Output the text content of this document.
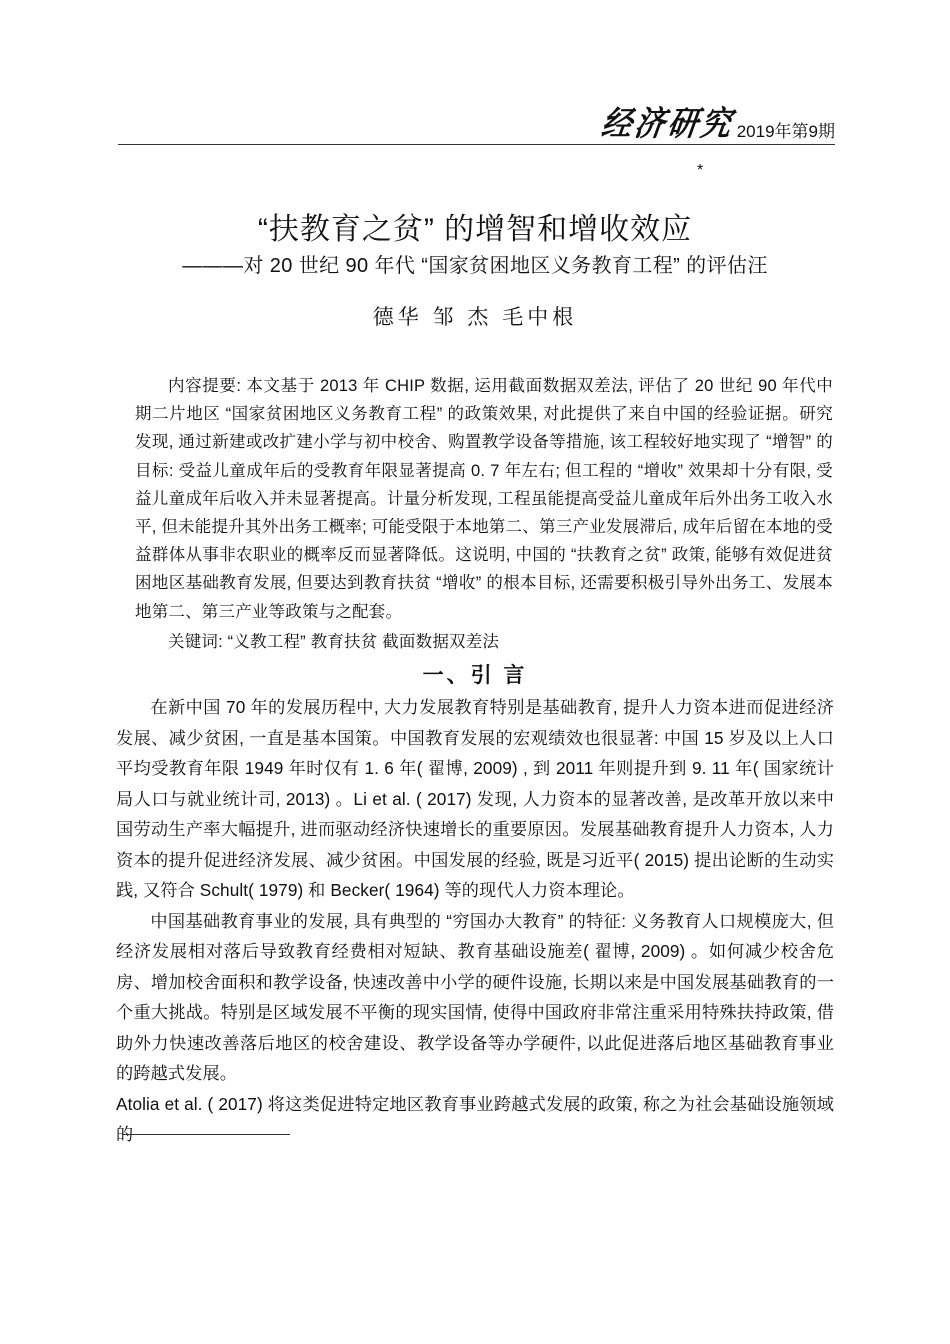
经济研究 2019年第9期
*
“扶教育之贫” 的增智和增收效应
———对 20 世纪 90 年代 “国家贫困地区义务教育工程” 的评估汪
德华 邹 杰 毛中根

内容提要: 本文基于 2013 年 CHIP 数据, 运用截面数据双差法, 评估了 20 世纪 90 年代中期二片地区 “国家贫困地区义务教育工程” 的政策效果, 对此提供了来自中国的经验证据。研究发现, 通过新建或改扩建小学与初中校舍、购置教学设备等措施, 该工程较好地实现了 “增智” 的目标: 受益儿童成年后的受教育年限显著提高 0. 7 年左右; 但工程的 “增收” 效果却十分有限, 受益儿童成年后收入并未显著提高。计量分析发现, 工程虽能提高受益儿童成年后外出务工收入水平, 但未能提升其外出务工概率; 可能受限于本地第二、第三产业发展滞后, 成年后留在本地的受益群体从事非农职业的概率反而显著降低。这说明, 中国的 “扶教育之贫” 政策, 能够有效促进贫困地区基础教育发展, 但要达到教育扶贫 “增收” 的根本目标, 还需要积极引导外出务工、发展本地第二、第三产业等政策与之配套。

关键词: “义教工程” 教育扶贫 截面数据双差法

一、引 言

在新中国 70 年的发展历程中, 大力发展教育特别是基础教育, 提升人力资本进而促进经济发展、减少贫困, 一直是基本国策。中国教育发展的宏观绩效也很显著: 中国 15 岁及以上人口平均受教育年限 1949 年时仅有 1. 6 年( 翟博, 2009) , 到 2011 年则提升到 9. 11 年( 国家统计局人口与就业统计司, 2013) 。Li et al. ( 2017) 发现, 人力资本的显著改善, 是改革开放以来中国劳动生产率大幅提升, 进而驱动经济快速增长的重要原因。发展基础教育提升人力资本, 人力资本的提升促进经济发展、减少贫困。中国发展的经验, 既是习近平( 2015) 提出论断的生动实践, 又符合 Schult( 1979) 和 Becker( 1964) 等的现代人力资本理论。

中国基础教育事业的发展, 具有典型的 “穷国办大教育” 的特征: 义务教育人口规模庞大, 但经济发展相对落后导致教育经费相对短缺、教育基础设施差( 翟博, 2009) 。如何减少校舍危房、增加校舍面积和教学设备, 快速改善中小学的硬件设施, 长期以来是中国发展基础教育的一个重大挑战。特别是区域发展不平衡的现实国情, 使得中国政府非常注重采用特殊扶持政策, 借助外力快速改善落后地区的校舍建设、教学设备等办学硬件, 以此促进落后地区基础教育事业的跨越式发展。

Atolia et al. ( 2017) 将这类促进特定地区教育事业跨越式发展的政策, 称之为社会基础设施领域的
